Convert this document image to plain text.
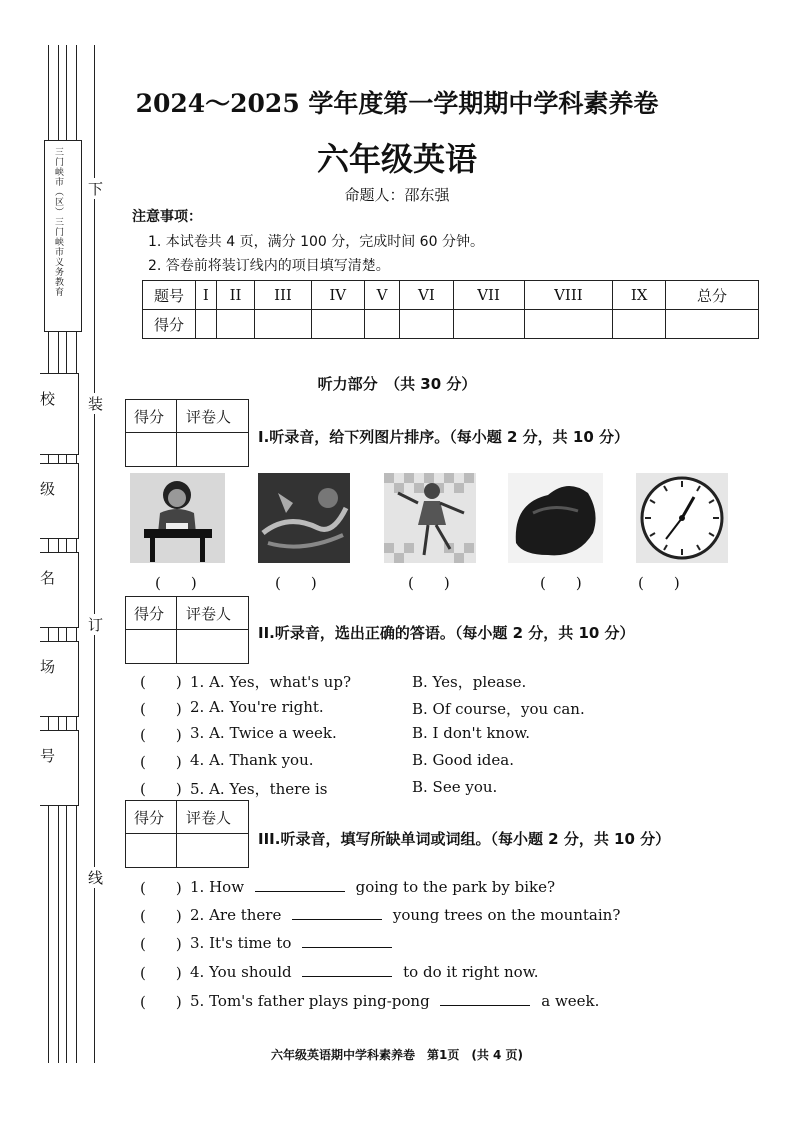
三门峡市（区）三门峡市义务教育
校
级
名
场
号
下
装
订
线
2024～2025 学年度第一学期期中学科素养卷
六年级英语
命题人：邵东强
注意事项：
1. 本试卷共 4 页，满分 100 分，完成时间 60 分钟。
2. 答卷前将装订线内的项目填写清楚。
题号	I	II	III	IV	V	VI	VII	VIII	IX	总分
得分										
听力部分　（共 30 分）
得分 评卷人
I.听录音，给下列图片排序。（每小题 2 分，共 10 分）
(　　)	(　　)	(　　)	(　　)	(　　)
得分 评卷人
II.听录音，选出正确的答语。（每小题 2 分，共 10 分）
(　　) 1. A. Yes，what's up?	B. Yes，please.
(　　) 2. A. You're right.	B. Of course，you can.
(　　) 3. A. Twice a week.	B. I don't know.
(　　) 4. A. Thank you.	B. Good idea.
(　　) 5. A. Yes，there is	B. See you.
得分 评卷人
III.听录音，填写所缺单词或词组。（每小题 2 分，共 10 分）
(　　) 1. How	going to the park by bike?
(　　) 2. Are there	young trees on the mountain?
(　　) 3. It's time to
(　　) 4. You should	to do it right now.
(　　) 5. Tom's father plays ping-pong	a week.
六年级英语期中学科素养卷　第1页　(共 4 页)
